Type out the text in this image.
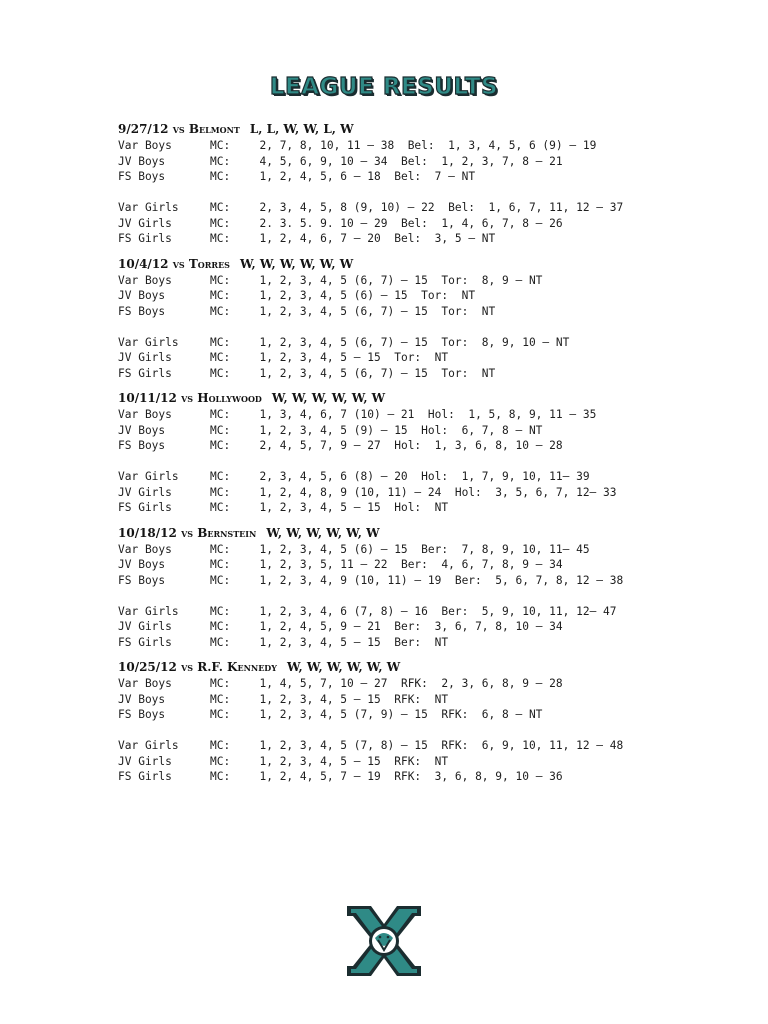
LEAGUE RESULTS
9/27/12 vs Belmont L, L, W, W, L, W
Var Boys	MC:	2, 7, 8, 10, 11 – 38 Bel: 1, 3, 4, 5, 6 (9) – 19
JV Boys	MC:	4, 5, 6, 9, 10 – 34 Bel: 1, 2, 3, 7, 8 – 21
FS Boys	MC:	1, 2, 4, 5, 6 – 18 Bel: 7 – NT
Var Girls	MC:	2, 3, 4, 5, 8 (9, 10) – 22 Bel: 1, 6, 7, 11, 12 – 37
JV Girls	MC:	2. 3. 5. 9. 10 – 29 Bel: 1, 4, 6, 7, 8 – 26
FS Girls	MC:	1, 2, 4, 6, 7 – 20 Bel: 3, 5 – NT
10/4/12 vs Torres W, W, W, W, W, W
Var Boys	MC:	1, 2, 3, 4, 5 (6, 7) – 15 Tor: 8, 9 – NT
JV Boys	MC:	1, 2, 3, 4, 5 (6) – 15 Tor: NT
FS Boys	MC:	1, 2, 3, 4, 5 (6, 7) – 15 Tor: NT
Var Girls	MC:	1, 2, 3, 4, 5 (6, 7) – 15 Tor: 8, 9, 10 – NT
JV Girls	MC:	1, 2, 3, 4, 5 – 15 Tor: NT
FS Girls	MC:	1, 2, 3, 4, 5 (6, 7) – 15 Tor: NT
10/11/12 vs Hollywood W, W, W, W, W, W
Var Boys	MC:	1, 3, 4, 6, 7 (10) – 21 Hol: 1, 5, 8, 9, 11 – 35
JV Boys	MC:	1, 2, 3, 4, 5 (9) – 15 Hol: 6, 7, 8 – NT
FS Boys	MC:	2, 4, 5, 7, 9 – 27 Hol: 1, 3, 6, 8, 10 – 28
Var Girls	MC:	2, 3, 4, 5, 6 (8) – 20 Hol: 1, 7, 9, 10, 11– 39
JV Girls	MC:	1, 2, 4, 8, 9 (10, 11) – 24 Hol: 3, 5, 6, 7, 12– 33
FS Girls	MC:	1, 2, 3, 4, 5 – 15 Hol: NT
10/18/12 vs Bernstein W, W, W, W, W, W
Var Boys	MC:	1, 2, 3, 4, 5 (6) – 15 Ber: 7, 8, 9, 10, 11– 45
JV Boys	MC:	1, 2, 3, 5, 11 – 22 Ber: 4, 6, 7, 8, 9 – 34
FS Boys	MC:	1, 2, 3, 4, 9 (10, 11) – 19 Ber: 5, 6, 7, 8, 12 – 38
Var Girls	MC:	1, 2, 3, 4, 6 (7, 8) – 16 Ber: 5, 9, 10, 11, 12– 47
JV Girls	MC:	1, 2, 4, 5, 9 – 21 Ber: 3, 6, 7, 8, 10 – 34
FS Girls	MC:	1, 2, 3, 4, 5 – 15 Ber: NT
10/25/12 vs R.F. Kennedy W, W, W, W, W, W
Var Boys	MC:	1, 4, 5, 7, 10 – 27 RFK: 2, 3, 6, 8, 9 – 28
JV Boys	MC:	1, 2, 3, 4, 5 – 15 RFK: NT
FS Boys	MC:	1, 2, 3, 4, 5 (7, 9) – 15 RFK: 6, 8 – NT
Var Girls	MC:	1, 2, 3, 4, 5 (7, 8) – 15 RFK: 6, 9, 10, 11, 12 – 48
JV Girls	MC:	1, 2, 3, 4, 5 – 15 RFK: NT
FS Girls	MC:	1, 2, 4, 5, 7 – 19 RFK: 3, 6, 8, 9, 10 – 36
